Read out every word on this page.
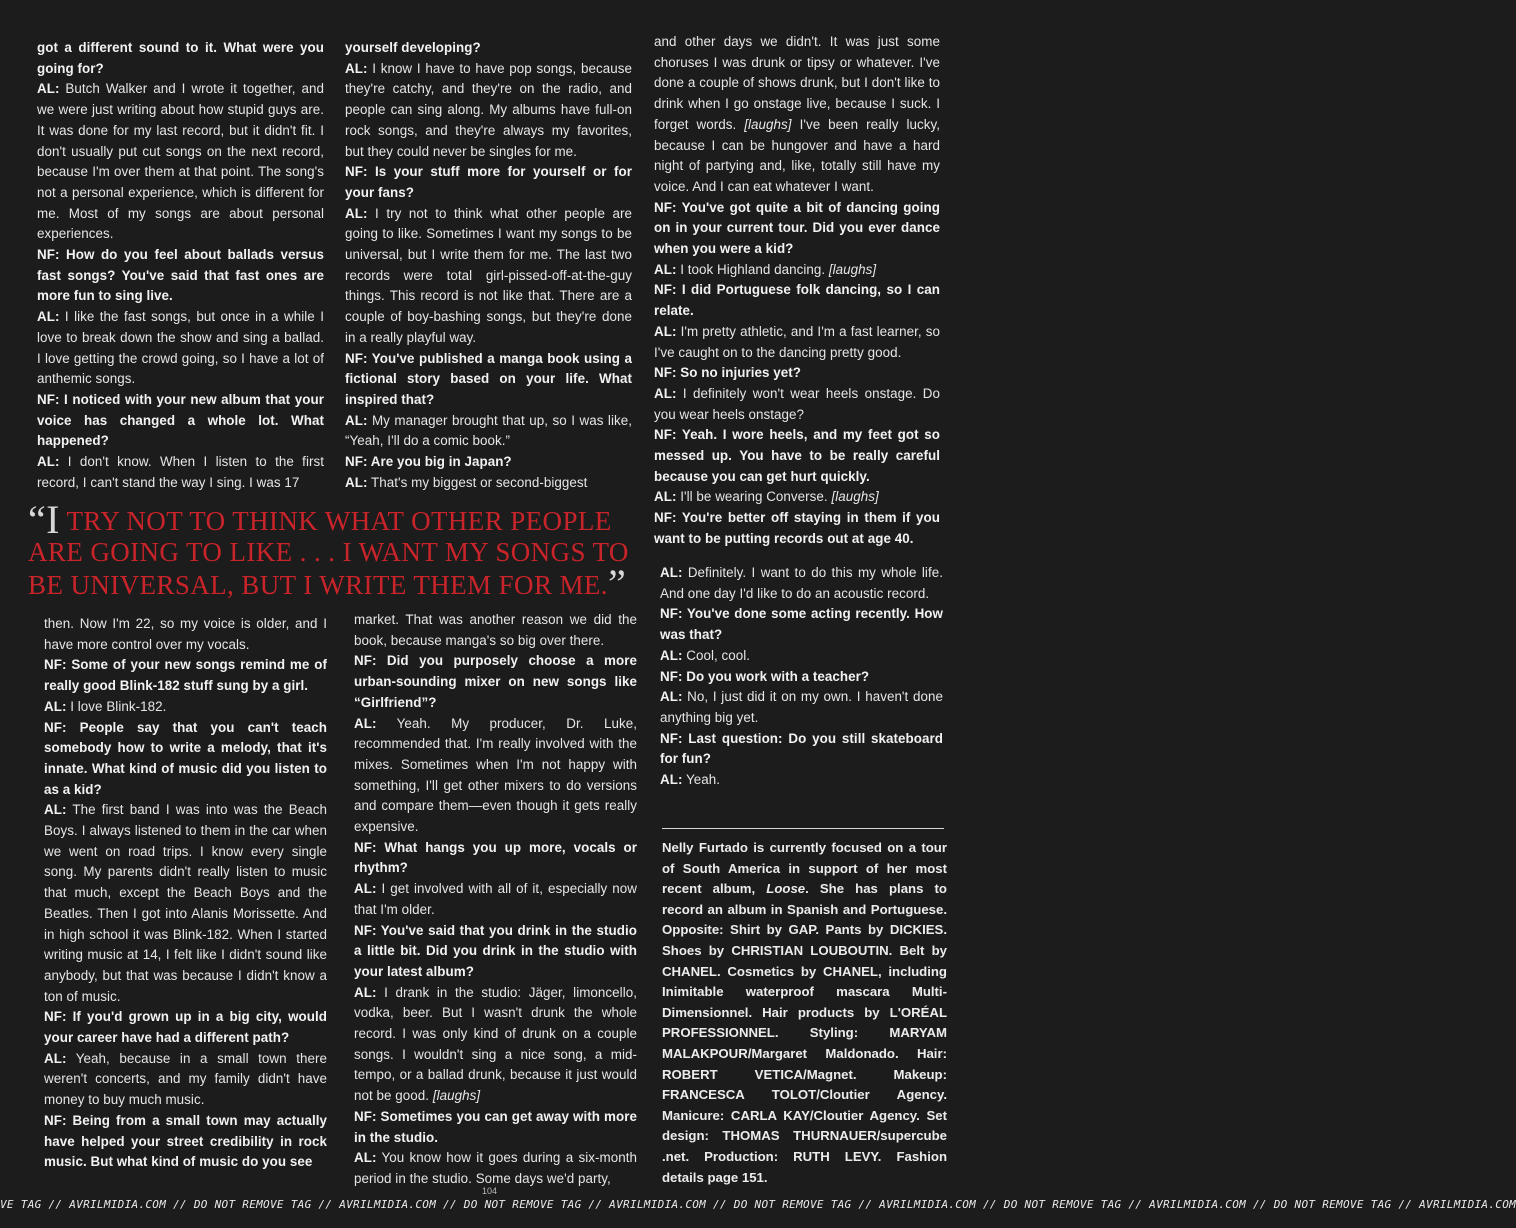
got a different sound to it. What were you going for?

AL: Butch Walker and I wrote it together, and we were just writing about how stupid guys are. It was done for my last record, but it didn't fit. I don't usually put cut songs on the next record, because I'm over them at that point. The song's not a personal experience, which is different for me. Most of my songs are about personal experiences.

NF: How do you feel about ballads versus fast songs? You've said that fast ones are more fun to sing live.

AL: I like the fast songs, but once in a while I love to break down the show and sing a ballad. I love getting the crowd going, so I have a lot of anthemic songs.

NF: I noticed with your new album that your voice has changed a whole lot. What happened?

AL: I don't know. When I listen to the first record, I can't stand the way I sing. I was 17

yourself developing?

AL: I know I have to have pop songs, because they're catchy, and they're on the radio, and people can sing along. My albums have full-on rock songs, and they're always my favorites, but they could never be singles for me.

NF: Is your stuff more for yourself or for your fans?

AL: I try not to think what other people are going to like. Sometimes I want my songs to be universal, but I write them for me. The last two records were total girl-pissed-off-at-the-guy things. This record is not like that. There are a couple of boy-bashing songs, but they're done in a really playful way.

NF: You've published a manga book using a fictional story based on your life. What inspired that?

AL: My manager brought that up, so I was like, “Yeah, I'll do a comic book.”

NF: Are you big in Japan?

AL: That's my biggest or second-biggest

and other days we didn't. It was just some choruses I was drunk or tipsy or whatever. I've done a couple of shows drunk, but I don't like to drink when I go onstage live, because I suck. I forget words. [laughs] I've been really lucky, because I can be hungover and have a hard night of partying and, like, totally still have my voice. And I can eat whatever I want.

NF: You've got quite a bit of dancing going on in your current tour. Did you ever dance when you were a kid?

AL: I took Highland dancing. [laughs]

NF: I did Portuguese folk dancing, so I can relate.

AL: I'm pretty athletic, and I'm a fast learner, so I've caught on to the dancing pretty good.

NF: So no injuries yet?

AL: I definitely won't wear heels onstage. Do you wear heels onstage?

NF: Yeah. I wore heels, and my feet got so messed up. You have to be really careful because you can get hurt quickly.

AL: I'll be wearing Converse. [laughs]

NF: You're better off staying in them if you want to be putting records out at age 40.

“I TRY NOT TO THINK WHAT OTHER PEOPLE ARE GOING TO LIKE . . . I WANT MY SONGS TO BE UNIVERSAL, BUT I WRITE THEM FOR ME.”

then. Now I'm 22, so my voice is older, and I have more control over my vocals.

NF: Some of your new songs remind me of really good Blink-182 stuff sung by a girl.

AL: I love Blink-182.

NF: People say that you can't teach somebody how to write a melody, that it's innate. What kind of music did you listen to as a kid?

AL: The first band I was into was the Beach Boys. I always listened to them in the car when we went on road trips. I know every single song. My parents didn't really listen to music that much, except the Beach Boys and the Beatles. Then I got into Alanis Morissette. And in high school it was Blink-182. When I started writing music at 14, I felt like I didn't sound like anybody, but that was because I didn't know a ton of music.

NF: If you'd grown up in a big city, would your career have had a different path?

AL: Yeah, because in a small town there weren't concerts, and my family didn't have money to buy much music.

NF: Being from a small town may actually have helped your street credibility in rock music. But what kind of music do you see

market. That was another reason we did the book, because manga's so big over there.

NF: Did you purposely choose a more urban-sounding mixer on new songs like “Girlfriend”?

AL: Yeah. My producer, Dr. Luke, recommended that. I'm really involved with the mixes. Sometimes when I'm not happy with something, I'll get other mixers to do versions and compare them—even though it gets really expensive.

NF: What hangs you up more, vocals or rhythm?

AL: I get involved with all of it, especially now that I'm older.

NF: You've said that you drink in the studio a little bit. Did you drink in the studio with your latest album?

AL: I drank in the studio: Jäger, limoncello, vodka, beer. But I wasn't drunk the whole record. I was only kind of drunk on a couple songs. I wouldn't sing a nice song, a mid-tempo, or a ballad drunk, because it just would not be good. [laughs]

NF: Sometimes you can get away with more in the studio.

AL: You know how it goes during a six-month period in the studio. Some days we'd party,

AL: Definitely. I want to do this my whole life. And one day I'd like to do an acoustic record.

NF: You've done some acting recently. How was that?

AL: Cool, cool.

NF: Do you work with a teacher?

AL: No, I just did it on my own. I haven't done anything big yet.

NF: Last question: Do you still skateboard for fun?

AL: Yeah.

Nelly Furtado is currently focused on a tour of South America in support of her most recent album, Loose. She has plans to record an album in Spanish and Portuguese. Opposite: Shirt by GAP. Pants by DICKIES. Shoes by CHRISTIAN LOUBOUTIN. Belt by CHANEL. Cosmetics by CHANEL, including Inimitable waterproof mascara Multi-Dimensionnel. Hair products by L'ORÉAL PROFESSIONNEL. Styling: MARYAM MALAKPOUR/Margaret Maldonado. Hair: ROBERT VETICA/Magnet. Makeup: FRANCESCA TOLOT/Cloutier Agency. Manicure: CARLA KAY/Cloutier Agency. Set design: THOMAS THURNAUER/supercube .net. Production: RUTH LEVY. Fashion details page 151.

104
VE TAG // AVRILMIDIA.COM // DO NOT REMOVE TAG // AVRILMIDIA.COM // DO NOT REMOVE TAG // AVRILMIDIA.COM // DO NOT REMOVE TAG // AVRILMIDIA.COM // DO NOT REMOVE TAG // AVRILMIDIA.COM // DO NOT REMOVE TAG // AVRILMIDIA.COM
